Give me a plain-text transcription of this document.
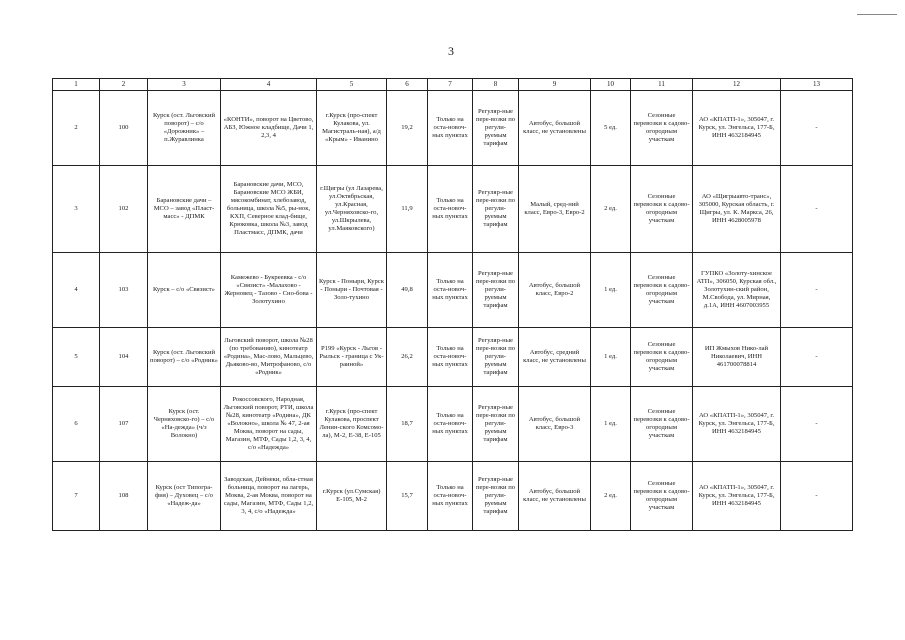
3
1	2	3	4	5	6	7	8	9	10	11	12	13
2	100	Курск (ост. Льговский поворот) – с/о «Дорожник» – п.Журавлинка	«КОНТИ», поворот на Цветово, АБЗ, Южное кладбище, Дачи 1, 2,3, 4	г.Курск (про-спект Кулакова, ул. Магистраль-ная), а/д «Крым» - Иванино	19,2	Только на оста-новоч-ных пунктах	Регуляр-ные пере-возки по регули-руемым тарифам	Автобус, большой класс, не установлены	5 ед.	Сезонные перевозки к садово-огородным участкам	АО «КПАТП-1», 305047, г. Курск, ул. Энгельса, 177-Б, ИНН 4632184945	-
3	102	Барановские дачи – МСО – завод «Пласт-масс» - ДПМК	Барановские дачи, МСО, Барановские МСО ЖБИ, мясокомбинат, хлебозавод, больница, школа №5, ры-нок, КХП, Северное клад-бище, Крюковка, школа №3, завод Пластмасс, ДПМК, дачи	г.Щигры (ул Лазарева, ул.Октябрьская, ул.Красная, ул.Черняховско-го, ул.Шкрылева, ул.Маяковского)	11,9	Только на оста-новоч-ных пунктах	Регуляр-ные пере-возки по регули-руемым тарифам	Малый, сред-ний класс, Евро-3, Евро-2	2 ед.	Сезонные перевозки к садово-огородным участкам	АО «Щигрыавто-транс», 305000, Курская область, г. Щигры, ул. К. Маркса, 26, ИНН 4628005978	-
4	103	Курск – с/о «Связист»	Камежево - Букреевка - с/о «Связист» -Малахово - Жерновец - Тазово - Сно-бова - Золотухино	Курск - Поныри, Курск - Поныри - Почтовая - Золо-тухино	49,8	Только на оста-новоч-ных пунктах	Регуляр-ные пере-возки по регули-руемым тарифам	Автобус, большой класс, Евро-2	1 ед.	Сезонные перевозки к садово-огородным участкам	ГУПКО «Золоту-хинское АТП», 306050, Курская обл., Золотухин-ский район, М.Свобода, ул. Мирная, д.1А, ИНН 4607003955	-
5	104	Курск (ост. Льговский поворот) – с/о «Родник»	Льговский поворот, школа №28 (по требованию), кинотеатр «Родина», Мас-лово, Мальцево, Дьяково-во, Митрофаново, с/о «Родник»	Р199 «Курск - Льгов - Рыльск - граница с Ук-раиной»	26,2	Только на оста-новоч-ных пунктах	Регуляр-ные пере-возки по регули-руемым тарифам	Автобус, средний класс, не установлены	1 ед.	Сезонные перевозки к садово-огородным участкам	ИП Жмыхов Нико-лай Николаевич, ИНН 461700078814	-
6	107	Курск (ост. Черняховско-го) – с/о «На-дежда» (ч/з Волокно)	Рокоссовского, Народная, Льговский поворот, РТИ, школа №28, кинотеатр «Родина», ДК «Волокно», школа № 47, 2-ая Моква, поворот на сады, Магазин, МТФ, Сады 1,2, 3, 4, с/о «Надежда»	г.Курск (про-спект Кулакова, проспект Ленин-ского Комсомо-ла), М-2, Е-38, Е-105	18,7	Только на оста-новоч-ных пунктах	Регуляр-ные пере-возки по регули-руемым тарифам	Автобус, большой класс, Евро-3	1 ед.	Сезонные перевозки к садово-огородным участкам	АО «КПАТП-1», 305047, г. Курск, ул. Энгельса, 177-Б, ИНН 4632184945	-
7	108	Курск (ост Типогра-фия) – Духовец – с/о «Надеж-да»	Заводская, Дейнеки, обла-стная больница, поворот на лагерь, Моква, 2-ая Моква, поворот на сады, Магазин, МТФ, Сады 1,2, 3, 4, с/о «Надежда»	г.Курск (ул.Сумская) Е-105, М-2	15,7	Только на оста-новоч-ных пунктах	Регуляр-ные пере-возки по регули-руемым тарифам	Автобус, большой класс, не установлены	2 ед.	Сезонные перевозки к садово-огородным участкам	АО «КПАТП-1», 305047, г. Курск, ул. Энгельса, 177-Б, ИНН 4632184945	-
